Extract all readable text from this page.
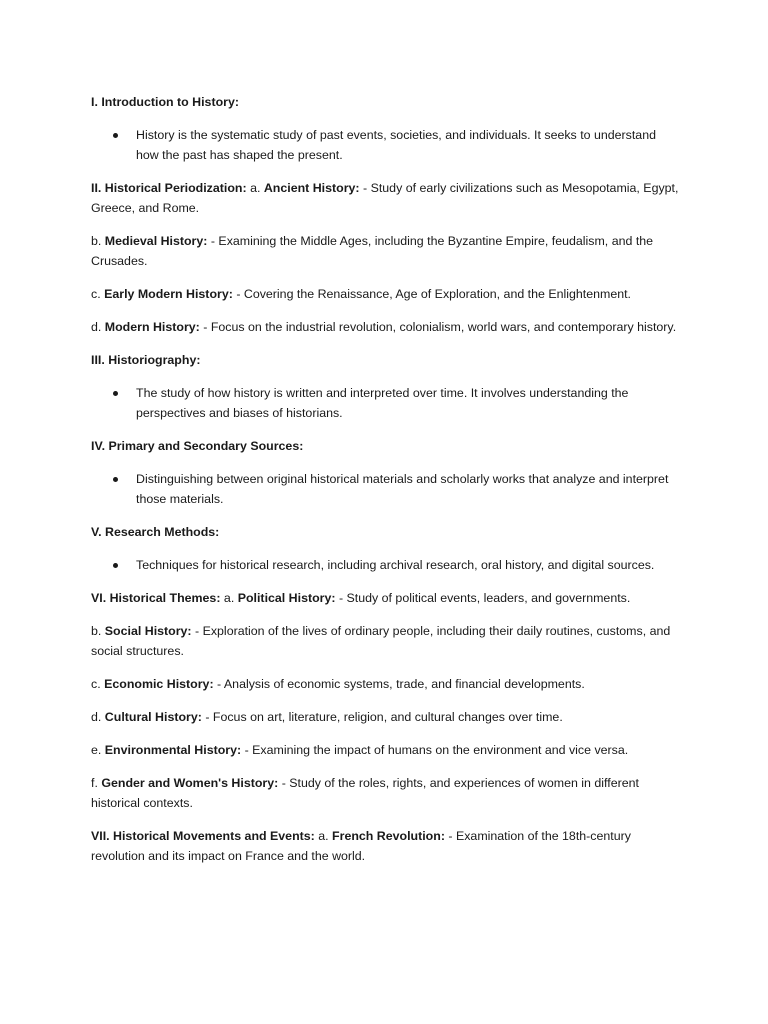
I. Introduction to History:

History is the systematic study of past events, societies, and individuals. It seeks to understand how the past has shaped the present.

II. Historical Periodization: a. Ancient History: - Study of early civilizations such as Mesopotamia, Egypt, Greece, and Rome.

b. Medieval History: - Examining the Middle Ages, including the Byzantine Empire, feudalism, and the Crusades.

c. Early Modern History: - Covering the Renaissance, Age of Exploration, and the Enlightenment.

d. Modern History: - Focus on the industrial revolution, colonialism, world wars, and contemporary history.

III. Historiography:

The study of how history is written and interpreted over time. It involves understanding the perspectives and biases of historians.

IV. Primary and Secondary Sources:

Distinguishing between original historical materials and scholarly works that analyze and interpret those materials.

V. Research Methods:

Techniques for historical research, including archival research, oral history, and digital sources.

VI. Historical Themes: a. Political History: - Study of political events, leaders, and governments.

b. Social History: - Exploration of the lives of ordinary people, including their daily routines, customs, and social structures.

c. Economic History: - Analysis of economic systems, trade, and financial developments.

d. Cultural History: - Focus on art, literature, religion, and cultural changes over time.

e. Environmental History: - Examining the impact of humans on the environment and vice versa.

f. Gender and Women's History: - Study of the roles, rights, and experiences of women in different historical contexts.

VII. Historical Movements and Events: a. French Revolution: - Examination of the 18th-century revolution and its impact on France and the world.
